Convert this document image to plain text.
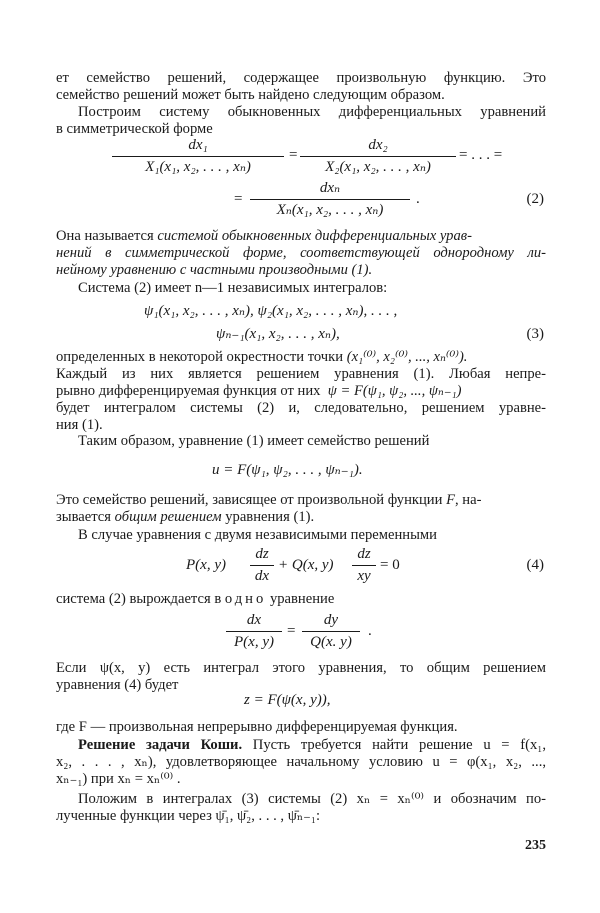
ет семейство решений, содержащее произвольную функцию. Это
семейство решений может быть найдено следующим образом.
Построим систему обыкновенных дифференциальных уравнений
в симметрической форме
dx₁
X₁(x₁, x₂, . . . , xₙ)
=
dx₂
X₂(x₁, x₂, . . . , xₙ)
= . . . =
=
dxₙ
Xₙ(x₁, x₂, . . . , xₙ)
.	(2)
Она называется системой обыкновенных дифференциальных урав-
нений в симметрической форме, соответствующей однородному ли-
нейному уравнению с частными производными (1).
Система (2) имеет n—1 независимых интегралов:
ψ₁(x₁, x₂, . . . , xₙ), ψ₂(x₁, x₂, . . . , xₙ), . . . ,
ψₙ₋₁(x₁, x₂, . . . , xₙ),	(3)
определенных в некоторой окрестности точки (x₁⁽⁰⁾, x₂⁽⁰⁾, ..., xₙ⁽⁰⁾).
Каждый из них является решением уравнения (1). Любая непре-
рывно дифференцируемая функция от них ψ = F(ψ₁, ψ₂, ..., ψₙ₋₁)
будет интегралом системы (2) и, следовательно, решением уравне-
ния (1).
Таким образом, уравнение (1) имеет семейство решений
u = F(ψ₁, ψ₂, . . . , ψₙ₋₁).
Это семейство решений, зависящее от произвольной функции F, на-
зывается общим решением уравнения (1).
В случае уравнения с двумя независимыми переменными
P(x, y)
dz
dx
+ Q(x, y)
dz
xy
= 0	(4)
система (2) вырождается в одно уравнение
dx
P(x, y)
=
dy
Q(x. y)
.
Если ψ(x, y) есть интеграл этого уравнения, то общим решением
уравнения (4) будет
z = F(ψ(x, y)),
где F — произвольная непрерывно дифференцируемая функция.
Решение задачи Коши. Пусть требуется найти решение u = f(x₁,
x₂, . . . , xₙ), удовлетворяющее начальному условию u = φ(x₁, x₂, ...,
xₙ₋₁) при xₙ = xₙ⁽⁰⁾ .
Положим в интегралах (3) системы (2) xₙ = xₙ⁽⁰⁾ и обозначим по-
лученные функции через ψ̄₁, ψ̄₂, . . . , ψ̄ₙ₋₁:
235
